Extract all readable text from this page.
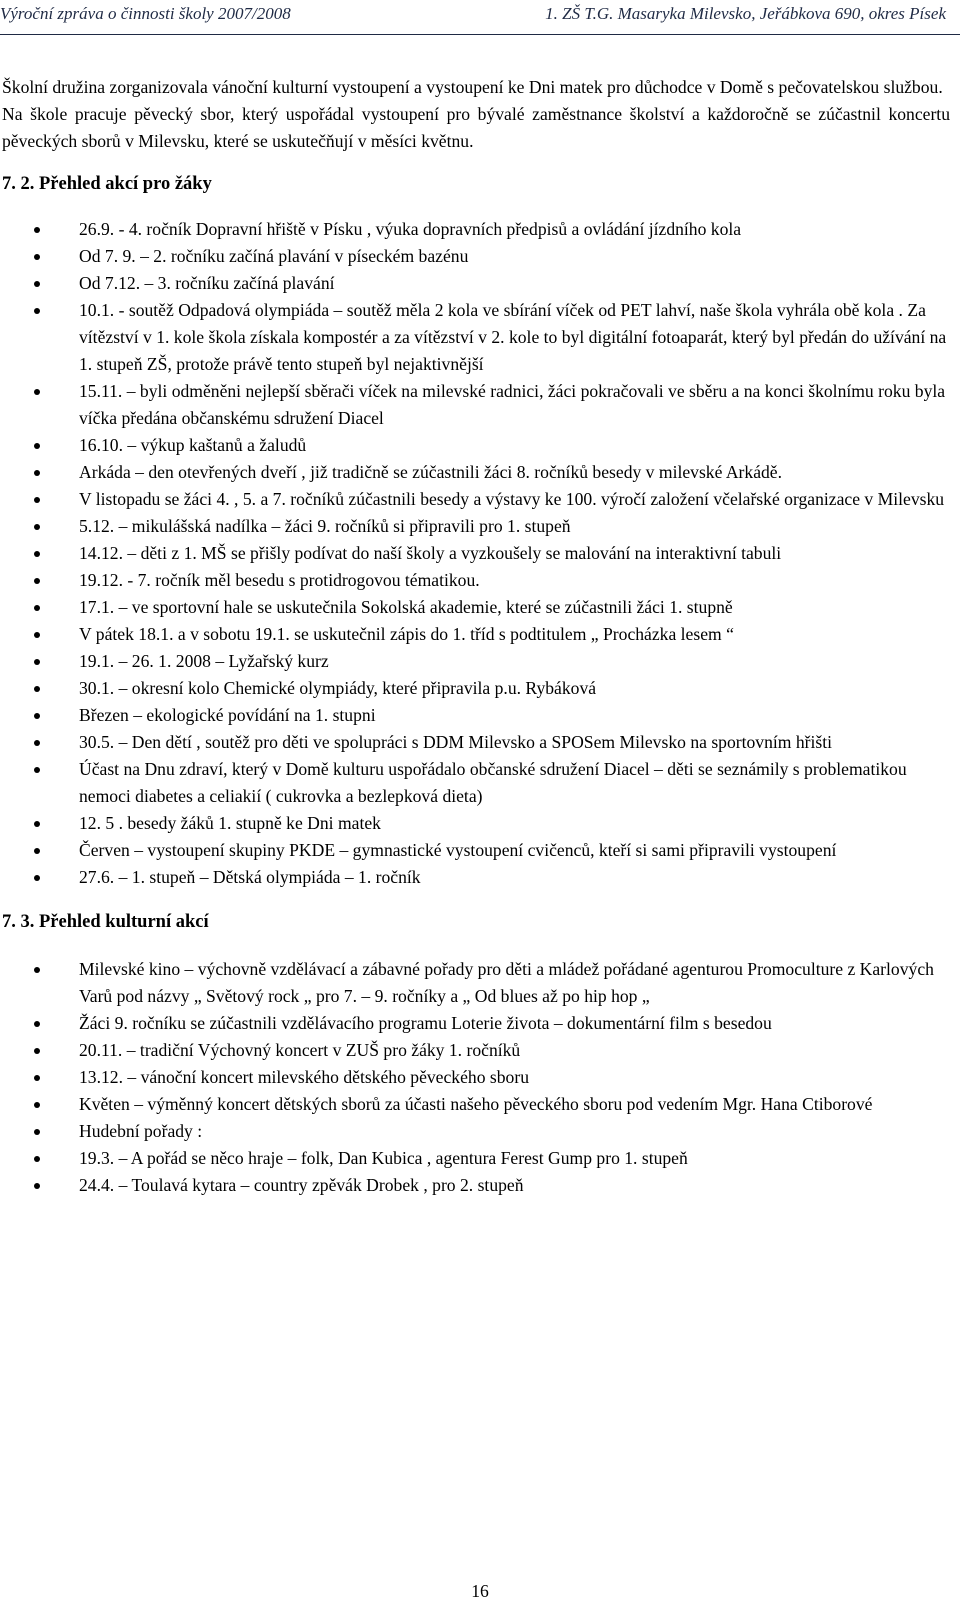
Výroční zpráva o činnosti školy 2007/2008	1. ZŠ T.G. Masaryka Milevsko, Jeřábkova 690, okres Písek

Školní družina zorganizovala vánoční kulturní vystoupení a vystoupení ke Dni matek pro důchodce v Domě s pečovatelskou službou.

Na škole pracuje pěvecký sbor, který uspořádal vystoupení pro bývalé zaměstnance školství a každoročně se zúčastnil koncertu pěveckých sborů v Milevsku, které se uskutečňují v měsíci květnu.

7. 2. Přehled akcí pro žáky

26.9. - 4. ročník Dopravní hřiště v Písku , výuka dopravních předpisů a ovládání jízdního kola
Od 7. 9. – 2. ročníku začíná plavání v píseckém bazénu
Od 7.12. – 3. ročníku začíná plavání
10.1. - soutěž Odpadová olympiáda – soutěž měla 2 kola ve sbírání víček od PET lahví, naše škola vyhrála obě kola . Za vítězství v 1. kole škola získala kompostér a za vítězství v 2. kole to byl digitální fotoaparát, který byl předán do užívání na 1. stupeň ZŠ, protože právě tento stupeň byl nejaktivnější
15.11. – byli odměněni nejlepší sběrači víček na milevské radnici, žáci pokračovali ve sběru a na konci školnímu roku byla víčka předána občanskému sdružení Diacel
16.10. – výkup kaštanů a žaludů
Arkáda – den otevřených dveří , již tradičně se zúčastnili žáci 8. ročníků besedy v milevské Arkádě.
V listopadu se žáci 4. , 5. a 7. ročníků zúčastnili besedy a výstavy ke 100. výročí založení včelařské organizace v Milevsku
5.12. – mikulášská nadílka – žáci 9. ročníků si připravili pro 1. stupeň
14.12. – děti z 1. MŠ se přišly podívat do naší školy a vyzkoušely se malování na interaktivní tabuli
19.12. - 7. ročník měl besedu s protidrogovou tématikou.
17.1. – ve sportovní hale se uskutečnila Sokolská akademie, které se zúčastnili žáci 1. stupně
V pátek 18.1. a v sobotu 19.1. se uskutečnil zápis do 1. tříd s podtitulem „ Procházka lesem “
19.1. – 26. 1. 2008 – Lyžařský kurz
30.1. – okresní kolo Chemické olympiády, které připravila p.u. Rybáková
Březen – ekologické povídání na 1. stupni
30.5. – Den dětí , soutěž pro děti ve spolupráci s DDM Milevsko a SPOSem Milevsko na sportovním hřišti
Účast na Dnu zdraví, který v Domě kulturu uspořádalo občanské sdružení Diacel – děti se seznámily s problematikou nemoci diabetes a celiakií ( cukrovka a bezlepková dieta)
12. 5 . besedy žáků 1. stupně ke Dni matek
Červen – vystoupení skupiny PKDE – gymnastické vystoupení cvičenců, kteří si sami připravili vystoupení
27.6. – 1. stupeň – Dětská olympiáda – 1. ročník

7. 3. Přehled kulturní akcí

Milevské kino – výchovně vzdělávací a zábavné pořady pro děti a mládež pořádané agenturou Promoculture z Karlových Varů pod názvy „ Světový rock „ pro 7. – 9. ročníky a „ Od blues až po hip hop „
Žáci 9. ročníku se zúčastnili vzdělávacího programu Loterie života – dokumentární film s besedou
20.11. – tradiční Výchovný koncert v ZUŠ pro žáky 1. ročníků
13.12. – vánoční koncert milevského dětského pěveckého sboru
Květen – výměnný koncert dětských sborů za účasti našeho pěveckého sboru pod vedením Mgr. Hana Ctiborové
Hudební pořady :
19.3. – A pořád se něco hraje – folk, Dan Kubica , agentura Ferest Gump pro 1. stupeň
24.4. – Toulavá kytara – country zpěvák Drobek , pro 2. stupeň
16
